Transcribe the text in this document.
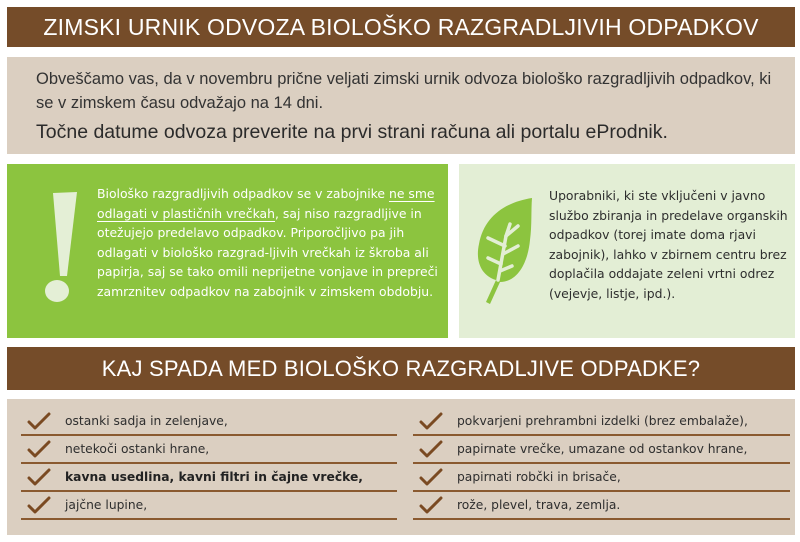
ZIMSKI URNIK ODVOZA BIOLOŠKO RAZGRADLJIVIH ODPADKOV

Obveščamo vas, da v novembru prične veljati zimski urnik odvoza biološko razgradljivih odpadkov, ki se v zimskem času odvažajo na 14 dni.

Točne datume odvoza preverite na prvi strani računa ali portalu eProdnik.

Biološko razgradljivih odpadkov se v zabojnike ne sme odlagati v plastičnih vrečkah, saj niso razgradljive in otežujejo predelavo odpadkov. Priporočljivo pa jih odlagati v biološko razgrad-ljivih vrečkah iz škroba ali papirja, saj se tako omili neprijetne vonjave in prepreči zamrznitev odpadkov na zabojnik v zimskem obdobju.

Uporabniki, ki ste vključeni v javno službo zbiranja in predelave organskih odpadkov (torej imate doma rjavi zabojnik), lahko v zbirnem centru brez doplačila oddajate zeleni vrtni odrez (vejevje, listje, ipd.).

KAJ SPADA MED BIOLOŠKO RAZGRADLJIVE ODPADKE?
ostanki sadja in zelenjave,
netekoči ostanki hrane,
kavna usedlina, kavni filtri in čajne vrečke,
jajčne lupine,
pokvarjeni prehrambni izdelki (brez embalaže),
papirnate vrečke, umazane od ostankov hrane,
papirnati robčki in brisače,
rože, plevel, trava, zemlja.
